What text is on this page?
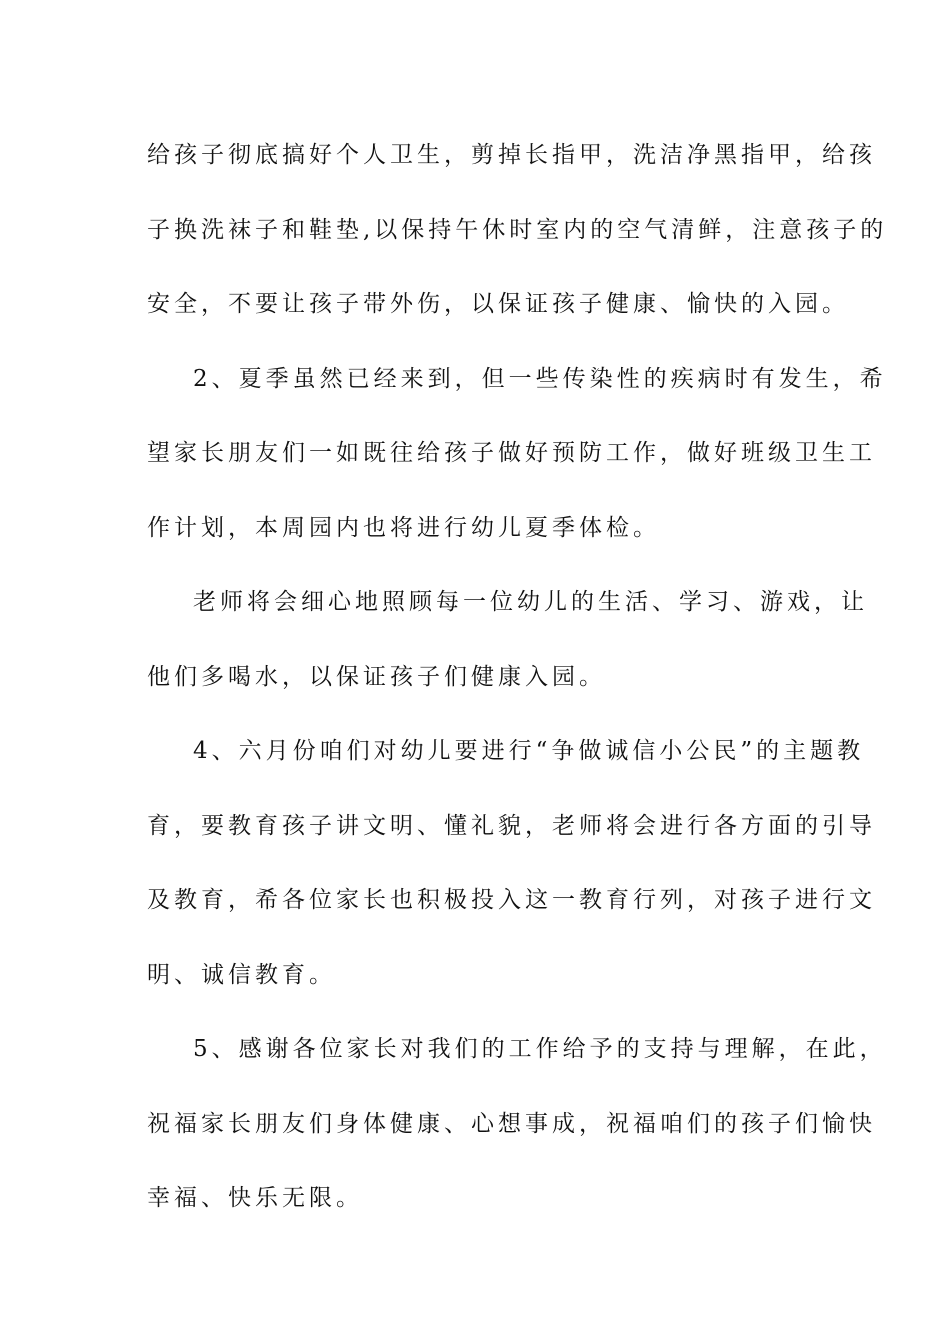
给孩子彻底搞好个人卫生，剪掉长指甲，洗洁净黑指甲，给孩
子换洗袜子和鞋垫,以保持午休时室内的空气清鲜，注意孩子的
安全，不要让孩子带外伤，以保证孩子健康、愉快的入园。
2、夏季虽然已经来到，但一些传染性的疾病时有发生，希
望家长朋友们一如既往给孩子做好预防工作，做好班级卫生工
作计划，本周园内也将进行幼儿夏季体检。
老师将会细心地照顾每一位幼儿的生活、学习、游戏，让
他们多喝水，以保证孩子们健康入园。
4、六月份咱们对幼儿要进行“争做诚信小公民”的主题教
育，要教育孩子讲文明、懂礼貌，老师将会进行各方面的引导
及教育，希各位家长也积极投入这一教育行列，对孩子进行文
明、诚信教育。
5、感谢各位家长对我们的工作给予的支持与理解，在此，
祝福家长朋友们身体健康、心想事成，祝福咱们的孩子们愉快
幸福、快乐无限。
